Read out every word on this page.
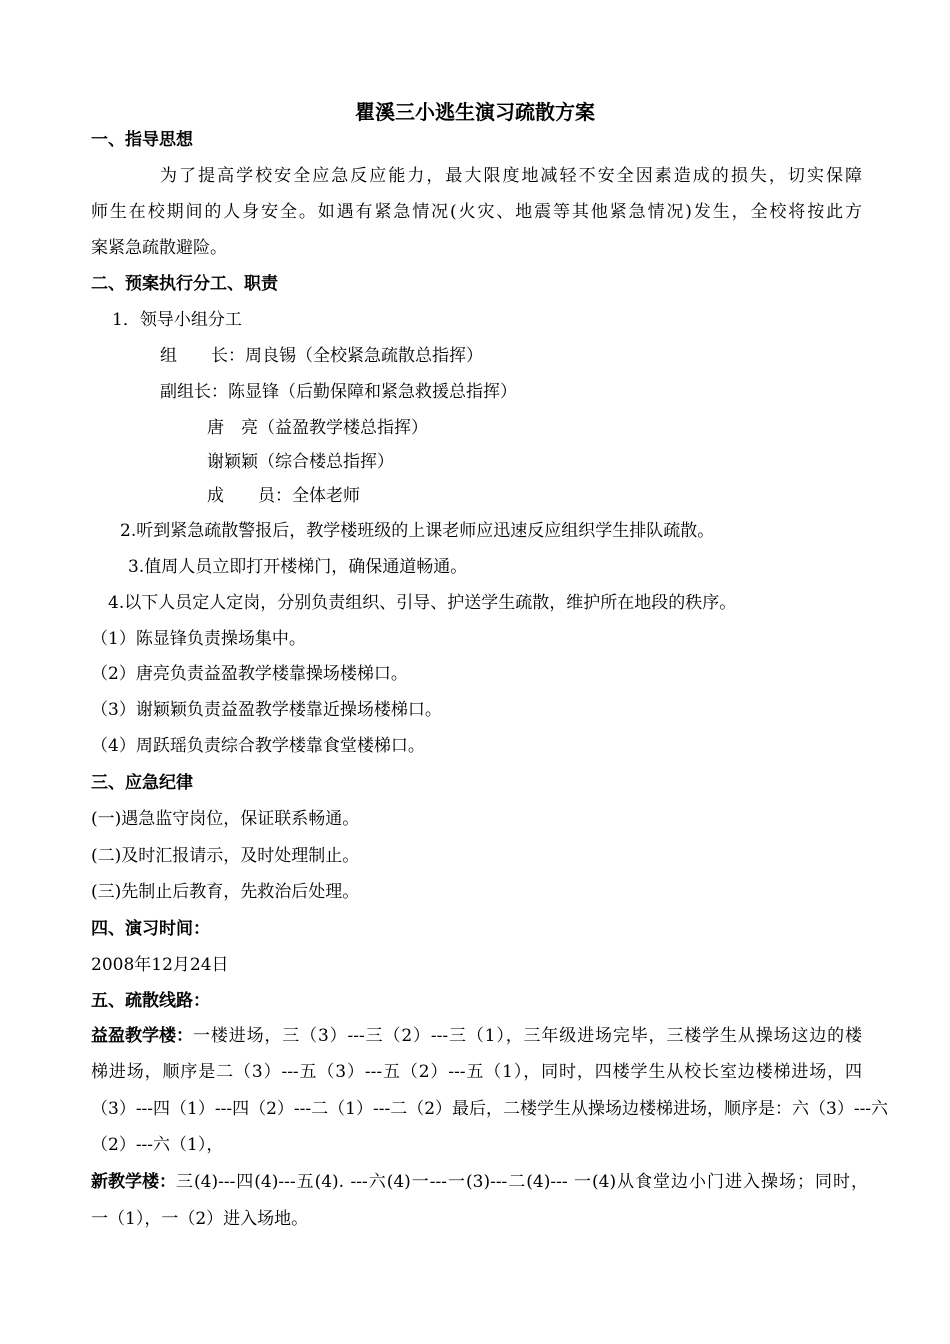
瞿溪三小逃生演习疏散方案
一、指导思想
为了提高学校安全应急反应能力，最大限度地减轻不安全因素造成的损失，切实保障
师生在校期间的人身安全。如遇有紧急情况(火灾、地震等其他紧急情况)发生，全校将按此方
案紧急疏散避险。
二、预案执行分工、职责
1．领导小组分工
组　　长：周良锡（全校紧急疏散总指挥）
副组长：陈显锋（后勤保障和紧急救援总指挥）
唐　亮（益盈教学楼总指挥）
谢颖颖（综合楼总指挥）
成　　员：全体老师
2.听到紧急疏散警报后，教学楼班级的上课老师应迅速反应组织学生排队疏散。
3.值周人员立即打开楼梯门，确保通道畅通。
4.以下人员定人定岗，分别负责组织、引导、护送学生疏散，维护所在地段的秩序。
（1）陈显锋负责操场集中。
（2）唐亮负责益盈教学楼靠操场楼梯口。
（3）谢颖颖负责益盈教学楼靠近操场楼梯口。
（4）周跃瑶负责综合教学楼靠食堂楼梯口。
三、应急纪律
(一)遇急监守岗位，保证联系畅通。
(二)及时汇报请示，及时处理制止。
(三)先制止后教育，先救治后处理。
四、演习时间：
2008年12月24日
五、疏散线路：
益盈教学楼： 一楼进场，三（3）---三（2）---三（1），三年级进场完毕，三楼学生从操场这边的楼
梯进场，顺序是二（3）---五（3）---五（2）---五（1），同时，四楼学生从校长室边楼梯进场，四
（3）---四（1）---四（2）---二（1）---二（2）最后，二楼学生从操场边楼梯进场，顺序是：六（3）---六
（2）---六（1），
新教学楼： 三(4)---四(4)---五(4). ---六(4)一---一(3)---二(4)--- 一(4)从食堂边小门进入操场；同时，
一（1），一（2）进入场地。
